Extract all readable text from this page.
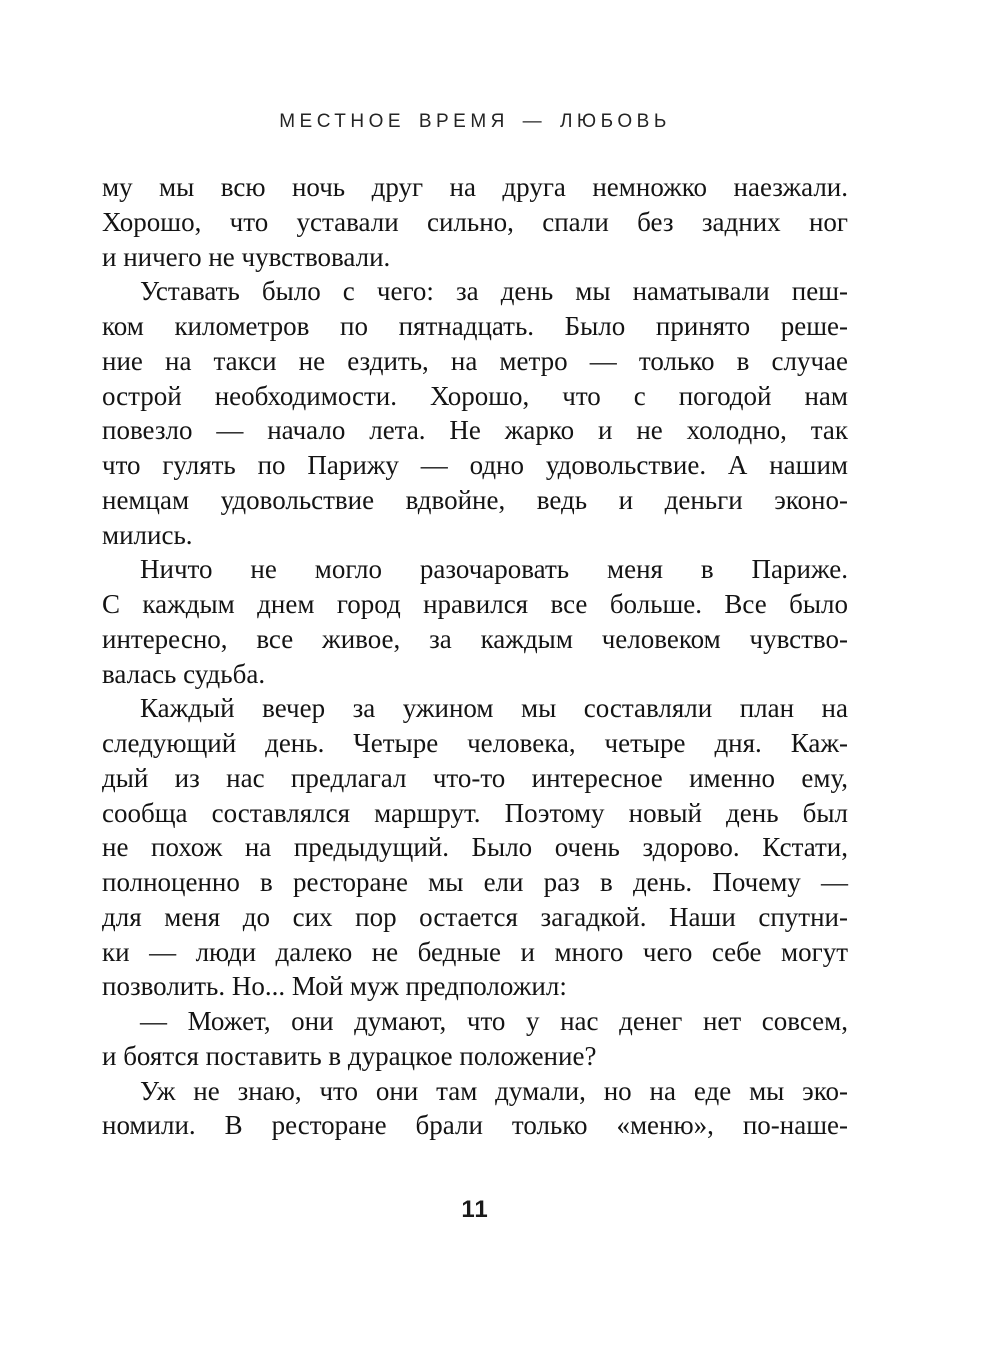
МЕСТНОЕ ВРЕМЯ — ЛЮБОВЬ
му мы всю ночь друг на друга немножко наезжали.
Хорошо, что уставали сильно, спали без задних ног
и ничего не чувствовали.
Уставать было с чего: за день мы наматывали пеш-
ком километров по пятнадцать. Было принято реше-
ние на такси не ездить, на метро — только в случае
острой необходимости. Хорошо, что с погодой нам
повезло — начало лета. Не жарко и не холодно, так
что гулять по Парижу — одно удовольствие. А нашим
немцам удовольствие вдвойне, ведь и деньги эконо-
мились.
Ничто не могло разочаровать меня в Париже.
С каждым днем город нравился все больше. Все было
интересно, все живое, за каждым человеком чувство-
валась судьба.
Каждый вечер за ужином мы составляли план на
следующий день. Четыре человека, четыре дня. Каж-
дый из нас предлагал что-то интересное именно ему,
сообща составлялся маршрут. Поэтому новый день был
не похож на предыдущий. Было очень здорово. Кстати,
полноценно в ресторане мы ели раз в день. Почему —
для меня до сих пор остается загадкой. Наши спутни-
ки — люди далеко не бедные и много чего себе могут
позволить. Но... Мой муж предположил:
— Может, они думают, что у нас денег нет совсем,
и боятся поставить в дурацкое положение?
Уж не знаю, что они там думали, но на еде мы эко-
номили. В ресторане брали только «меню», по-наше-
11
